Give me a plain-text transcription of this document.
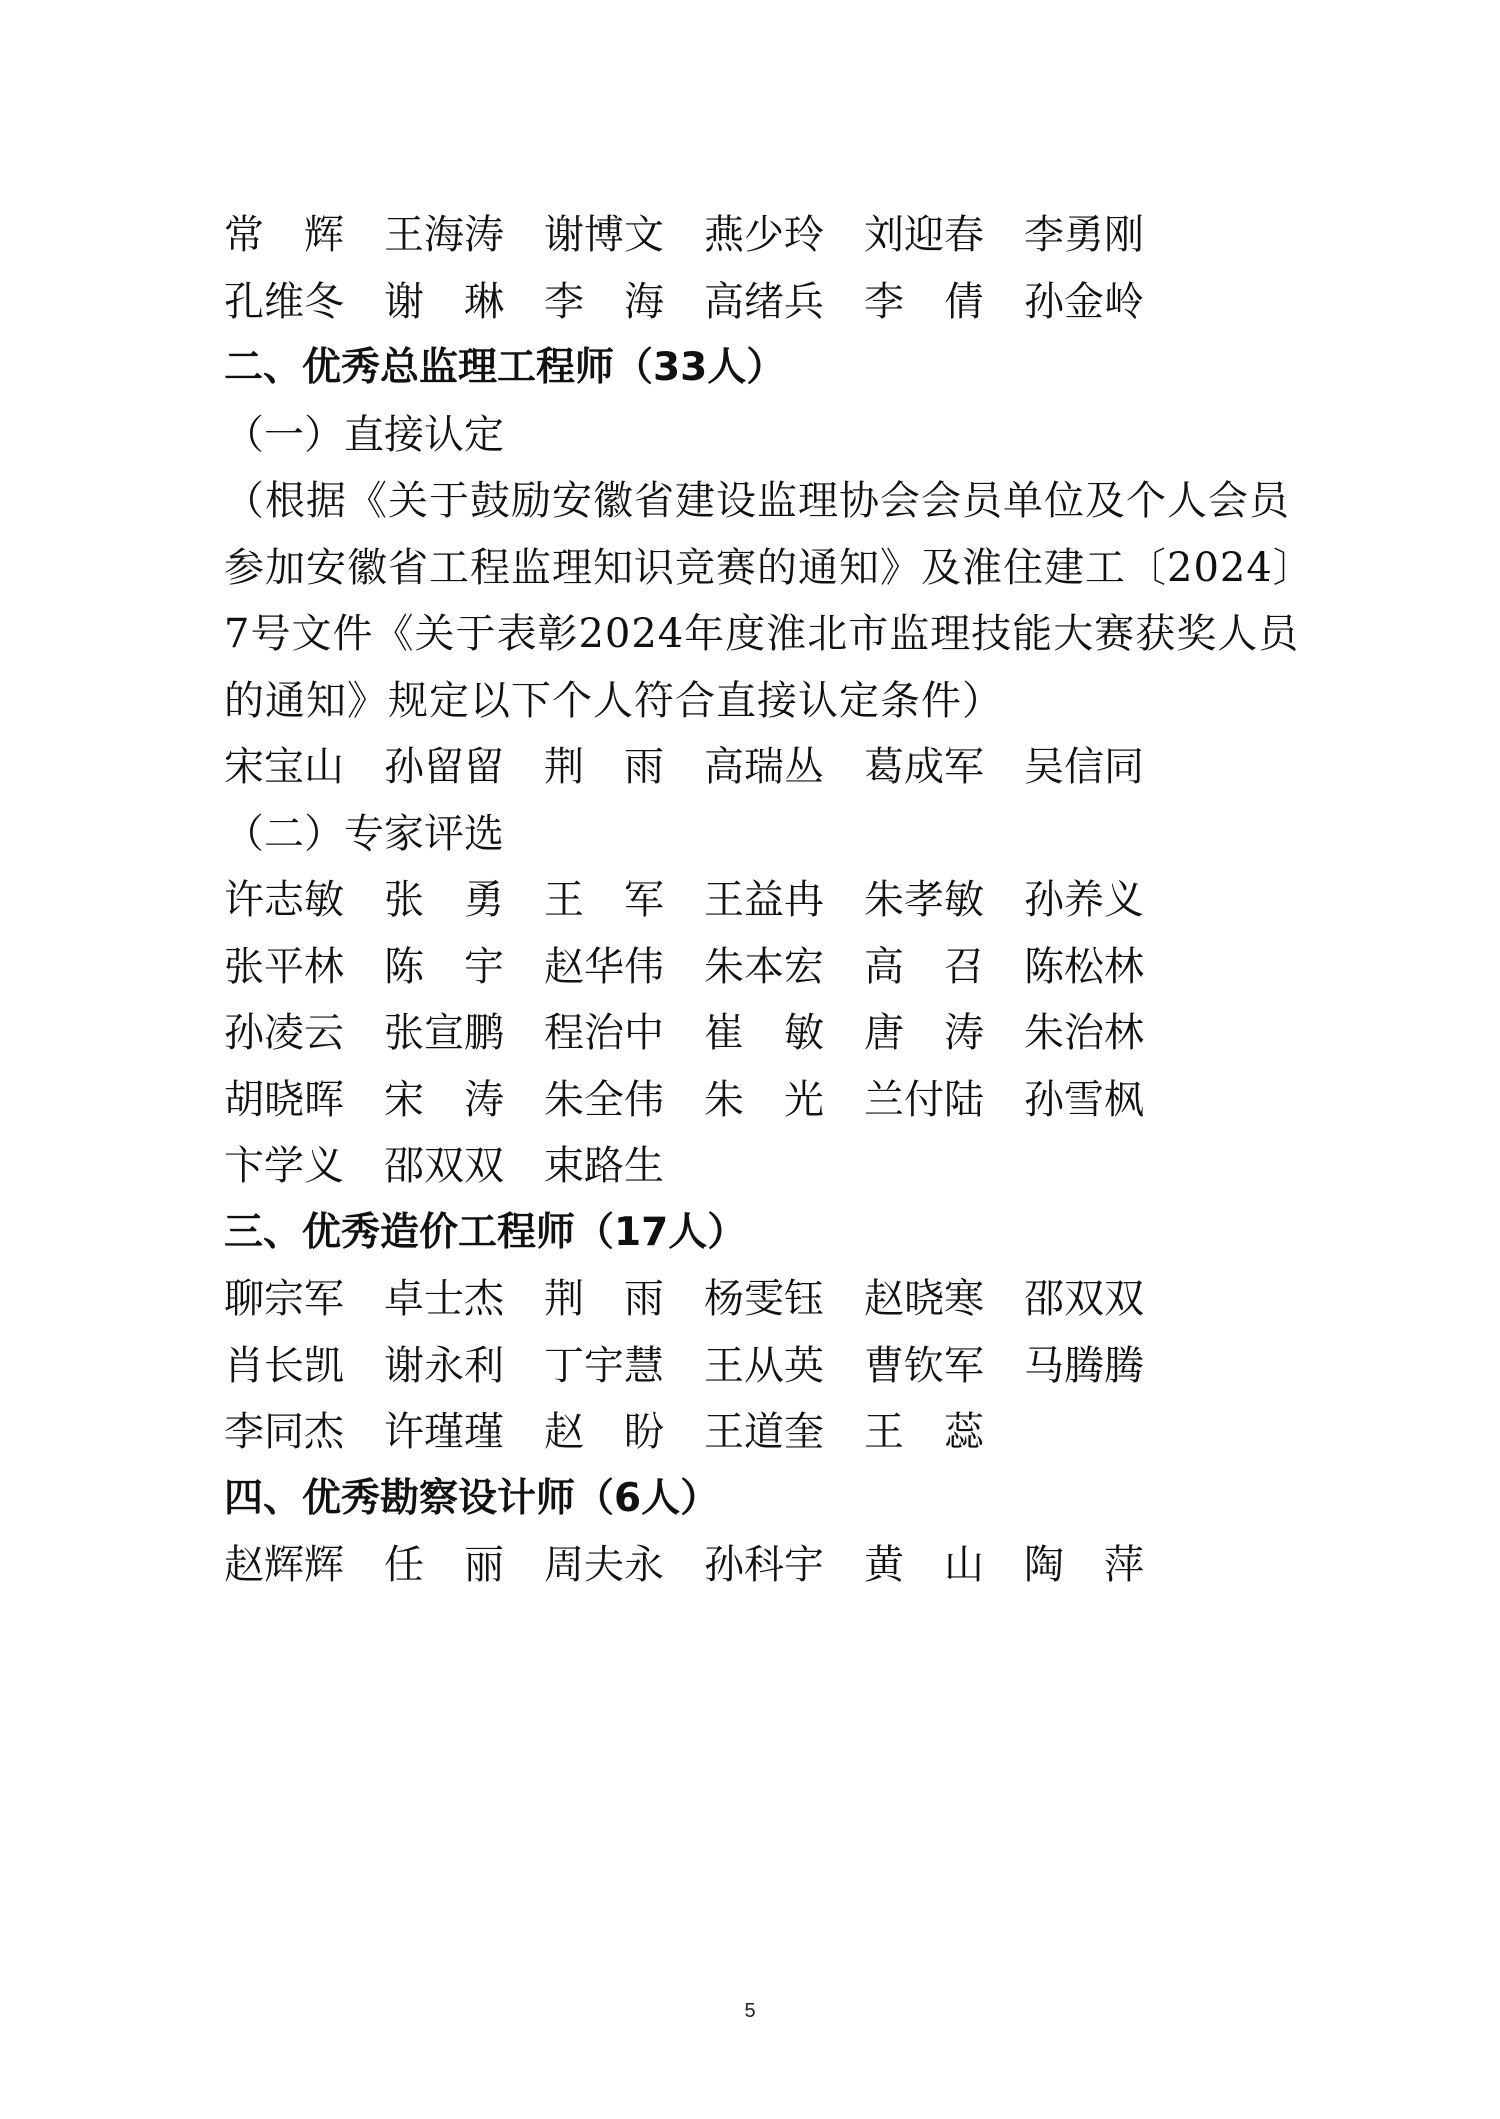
常　辉	王海涛	谢博文	燕少玲	刘迎春	李勇刚
孔维冬	谢　琳	李　海	高绪兵	李　倩	孙金岭
二、优秀总监理工程师（33人）
（一）直接认定
（根据《关于鼓励安徽省建设监理协会会员单位及个人会员
参加安徽省工程监理知识竞赛的通知》及淮住建工〔2024〕
7号文件《关于表彰2024年度淮北市监理技能大赛获奖人员
的通知》规定以下个人符合直接认定条件）
宋宝山	孙留留	荆　雨	高瑞丛	葛成军	吴信同
（二）专家评选
许志敏	张　勇	王　军	王益冉	朱孝敏	孙养义
张平林	陈　宇	赵华伟	朱本宏	高　召	陈松林
孙凌云	张宣鹏	程治中	崔　敏	唐　涛	朱治林
胡晓晖	宋　涛	朱全伟	朱　光	兰付陆	孙雪枫
卞学义	邵双双	束路生
三、优秀造价工程师（17人）
聊宗军	卓士杰	荆　雨	杨雯钰	赵晓寒	邵双双
肖长凯	谢永利	丁宇慧	王从英	曹钦军	马腾腾
李同杰	许瑾瑾	赵　盼	王道奎	王　蕊
四、优秀勘察设计师（6人）
赵辉辉	任　丽	周夫永	孙科宇	黄　山	陶　萍
5
